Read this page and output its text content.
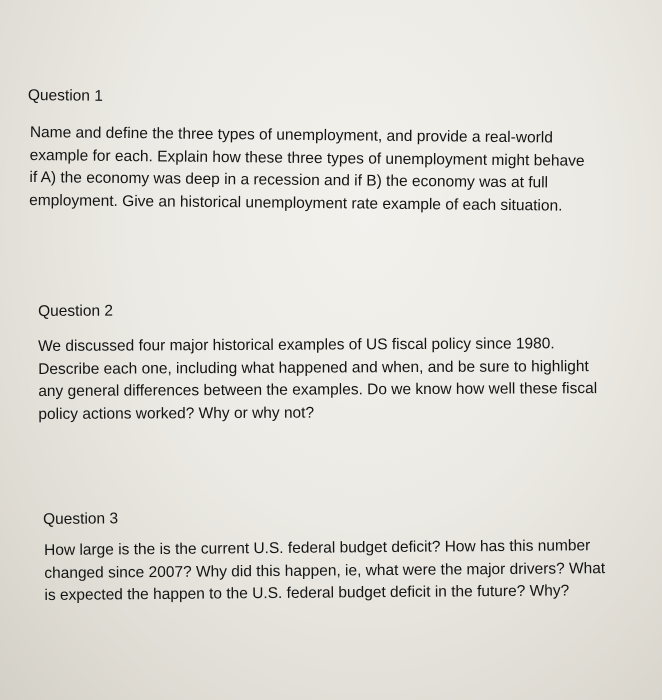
Question 1
Name and define the three types of unemployment, and provide a real-world
example for each. Explain how these three types of unemployment might behave
if A) the economy was deep in a recession and if B) the economy was at full
employment. Give an historical unemployment rate example of each situation.
Question 2
We discussed four major historical examples of US fiscal policy since 1980.
Describe each one, including what happened and when, and be sure to highlight
any general differences between the examples. Do we know how well these fiscal
policy actions worked? Why or why not?
Question 3
How large is the is the current U.S. federal budget deficit? How has this number
changed since 2007? Why did this happen, ie, what were the major drivers? What
is expected the happen to the U.S. federal budget deficit in the future? Why?
